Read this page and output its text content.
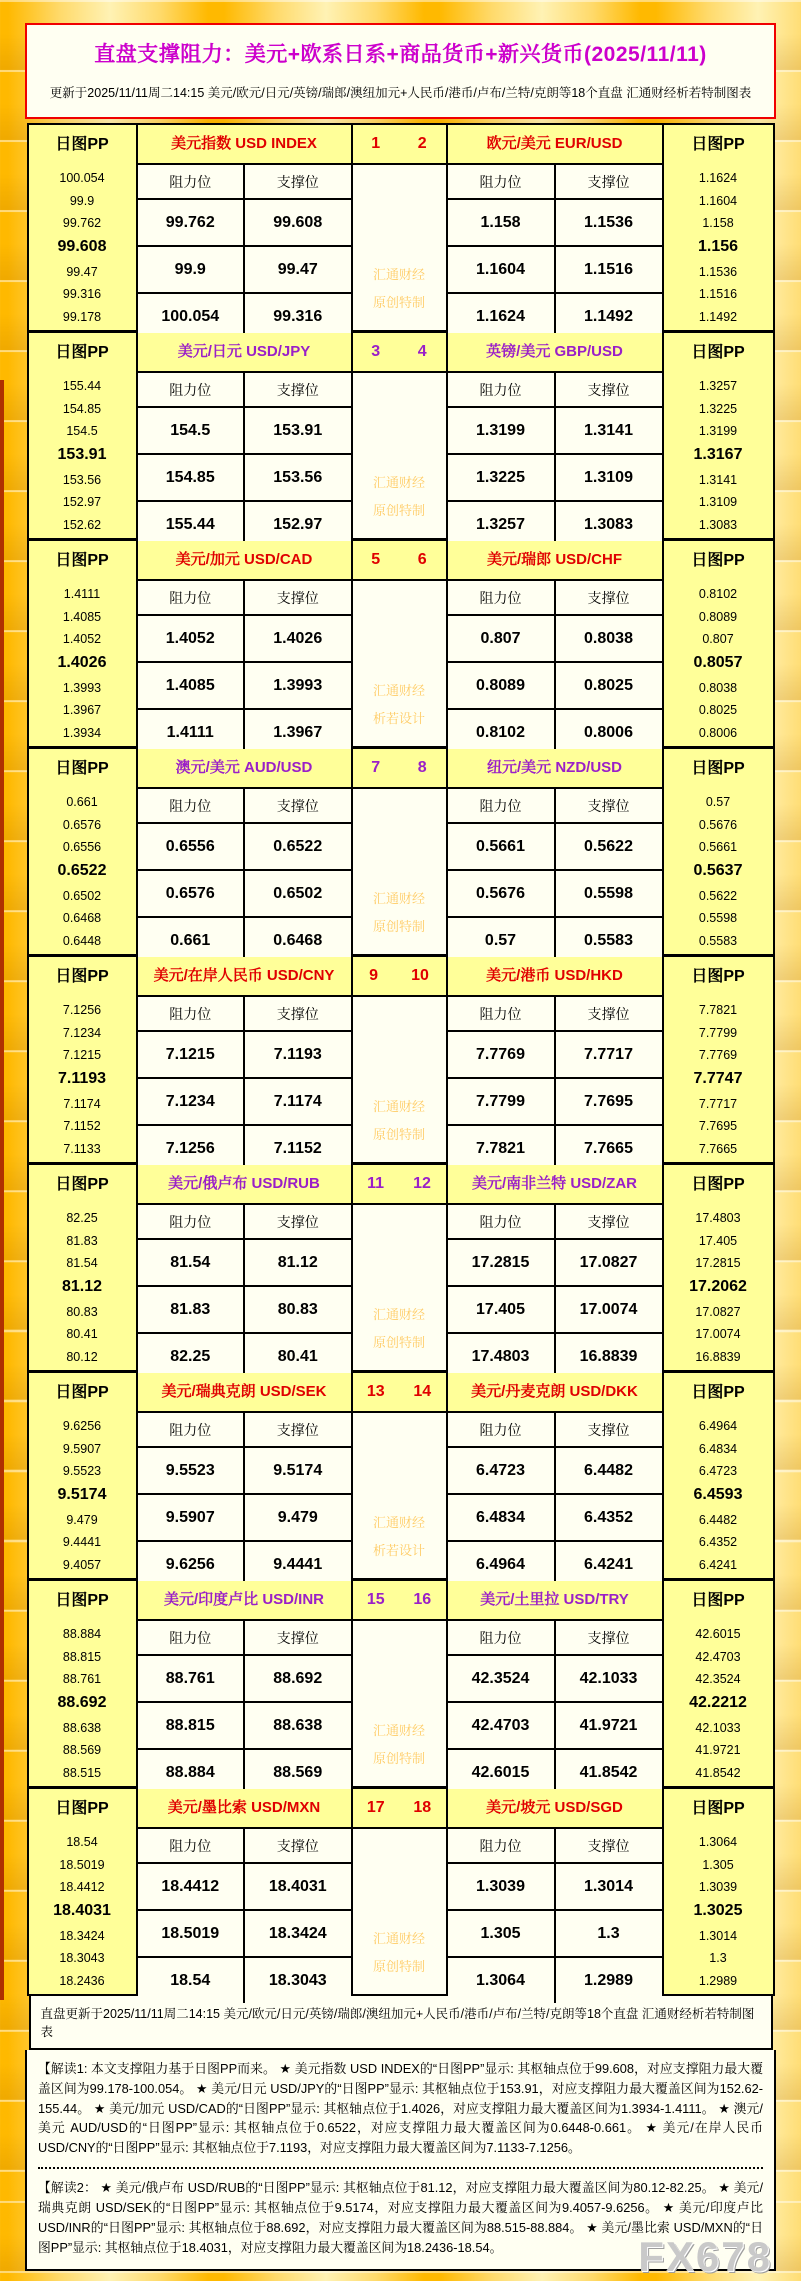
直盘支撑阻力：美元+欧系日系+商品货币+新兴货币(2025/11/11)
更新于2025/11/11周二14:15 美元/欧元/日元/英镑/瑞郎/澳纽加元+人民币/港币/卢布/兰特/克朗等18个直盘 汇通财经析若特制图表
日图PP
100.054
99.9
99.762
99.608
99.47
99.316
99.178
美元指数 USD INDEX
阻力位	支撑位
99.762	99.608
99.9	99.47
100.054	99.316
1 2
汇通财经
原创特制
欧元/美元 EUR/USD
阻力位	支撑位
1.158	1.1536
1.1604	1.1516
1.1624	1.1492
日图PP
1.1624
1.1604
1.158
1.156
1.1536
1.1516
1.1492
日图PP
155.44
154.85
154.5
153.91
153.56
152.97
152.62
美元/日元 USD/JPY
阻力位	支撑位
154.5	153.91
154.85	153.56
155.44	152.97
3 4
汇通财经
原创特制
英镑/美元 GBP/USD
阻力位	支撑位
1.3199	1.3141
1.3225	1.3109
1.3257	1.3083
日图PP
1.3257
1.3225
1.3199
1.3167
1.3141
1.3109
1.3083
日图PP
1.4111
1.4085
1.4052
1.4026
1.3993
1.3967
1.3934
美元/加元 USD/CAD
阻力位	支撑位
1.4052	1.4026
1.4085	1.3993
1.4111	1.3967
5 6
汇通财经
析若设计
美元/瑞郎 USD/CHF
阻力位	支撑位
0.807	0.8038
0.8089	0.8025
0.8102	0.8006
日图PP
0.8102
0.8089
0.807
0.8057
0.8038
0.8025
0.8006
日图PP
0.661
0.6576
0.6556
0.6522
0.6502
0.6468
0.6448
澳元/美元 AUD/USD
阻力位	支撑位
0.6556	0.6522
0.6576	0.6502
0.661	0.6468
7 8
汇通财经
原创特制
纽元/美元 NZD/USD
阻力位	支撑位
0.5661	0.5622
0.5676	0.5598
0.57	0.5583
日图PP
0.57
0.5676
0.5661
0.5637
0.5622
0.5598
0.5583
日图PP
7.1256
7.1234
7.1215
7.1193
7.1174
7.1152
7.1133
美元/在岸人民币 USD/CNY
阻力位	支撑位
7.1215	7.1193
7.1234	7.1174
7.1256	7.1152
9 10
汇通财经
原创特制
美元/港币 USD/HKD
阻力位	支撑位
7.7769	7.7717
7.7799	7.7695
7.7821	7.7665
日图PP
7.7821
7.7799
7.7769
7.7747
7.7717
7.7695
7.7665
日图PP
82.25
81.83
81.54
81.12
80.83
80.41
80.12
美元/俄卢布 USD/RUB
阻力位	支撑位
81.54	81.12
81.83	80.83
82.25	80.41
11 12
汇通财经
原创特制
美元/南非兰特 USD/ZAR
阻力位	支撑位
17.2815	17.0827
17.405	17.0074
17.4803	16.8839
日图PP
17.4803
17.405
17.2815
17.2062
17.0827
17.0074
16.8839
日图PP
9.6256
9.5907
9.5523
9.5174
9.479
9.4441
9.4057
美元/瑞典克朗 USD/SEK
阻力位	支撑位
9.5523	9.5174
9.5907	9.479
9.6256	9.4441
13 14
汇通财经
析若设计
美元/丹麦克朗 USD/DKK
阻力位	支撑位
6.4723	6.4482
6.4834	6.4352
6.4964	6.4241
日图PP
6.4964
6.4834
6.4723
6.4593
6.4482
6.4352
6.4241
日图PP
88.884
88.815
88.761
88.692
88.638
88.569
88.515
美元/印度卢比 USD/INR
阻力位	支撑位
88.761	88.692
88.815	88.638
88.884	88.569
15 16
汇通财经
原创特制
美元/土里拉 USD/TRY
阻力位	支撑位
42.3524	42.1033
42.4703	41.9721
42.6015	41.8542
日图PP
42.6015
42.4703
42.3524
42.2212
42.1033
41.9721
41.8542
日图PP
18.54
18.5019
18.4412
18.4031
18.3424
18.3043
18.2436
美元/墨比索 USD/MXN
阻力位	支撑位
18.4412	18.4031
18.5019	18.3424
18.54	18.3043
17 18
汇通财经
原创特制
美元/坡元 USD/SGD
阻力位	支撑位
1.3039	1.3014
1.305	1.3
1.3064	1.2989
日图PP
1.3064
1.305
1.3039
1.3025
1.3014
1.3
1.2989
直盘更新于2025/11/11周二14:15 美元/欧元/日元/英镑/瑞郎/澳纽加元+人民币/港币/卢布/兰特/克朗等18个直盘 汇通财经析若特制图表

【解读1: 本文支撑阻力基于日图PP而来。 ★ 美元指数 USD INDEX的“日图PP”显示: 其枢轴点位于99.608，对应支撑阻力最大覆盖区间为99.178-100.054。 ★ 美元/日元 USD/JPY的“日图PP”显示: 其枢轴点位于153.91，对应支撑阻力最大覆盖区间为152.62-155.44。 ★ 美元/加元 USD/CAD的“日图PP”显示: 其枢轴点位于1.4026，对应支撑阻力最大覆盖区间为1.3934-1.4111。 ★ 澳元/美元 AUD/USD的“日图PP”显示: 其枢轴点位于0.6522，对应支撑阻力最大覆盖区间为0.6448-0.661。 ★ 美元/在岸人民币 USD/CNY的“日图PP”显示: 其枢轴点位于7.1193，对应支撑阻力最大覆盖区间为7.1133-7.1256。

【解读2： ★ 美元/俄卢布 USD/RUB的“日图PP”显示: 其枢轴点位于81.12，对应支撑阻力最大覆盖区间为80.12-82.25。 ★ 美元/瑞典克朗 USD/SEK的“日图PP”显示: 其枢轴点位于9.5174，对应支撑阻力最大覆盖区间为9.4057-9.6256。 ★ 美元/印度卢比 USD/INR的“日图PP”显示: 其枢轴点位于88.692，对应支撑阻力最大覆盖区间为88.515-88.884。 ★ 美元/墨比索 USD/MXN的“日图PP”显示: 其枢轴点位于18.4031，对应支撑阻力最大覆盖区间为18.2436-18.54。	FX678
